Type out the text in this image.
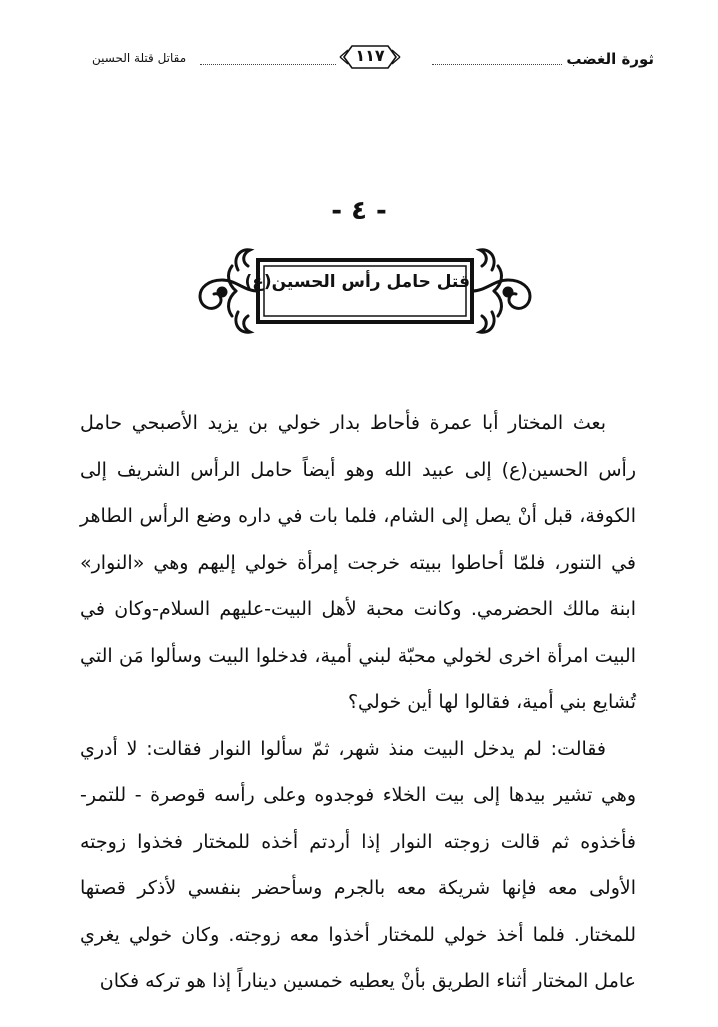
ثورة الغضب
١١٧
مقاتل قتلة الحسين
- ٤ -
قتل حامل رأس الحسين(ع)

بعث المختار أبا عمرة فأحاط بدار خولي بن يزيد الأصبحي حامل رأس الحسين(ع) إلى عبيد الله وهو أيضاً حامل الرأس الشريف إلى الكوفة، قبل أنْ يصل إلى الشام، فلما بات في داره وضع الرأس الطاهر في التنور، فلمّا أحاطوا ببيته خرجت إمرأة خولي إليهم وهي «النوار» ابنة مالك الحضرمي. وكانت محبة لأهل البيت-عليهم السلام-وكان في البيت امرأة اخرى لخولي محبّة لبني أمية، فدخلوا البيت وسألوا مَن التي تُشايع بني أمية، فقالوا لها أين خولي؟

فقالت: لم يدخل البيت منذ شهر، ثمّ سألوا النوار فقالت: لا أدري وهي تشير بيدها إلى بيت الخلاء فوجدوه وعلى رأسه قوصرة - للتمر- فأخذوه ثم قالت زوجته النوار إذا أردتم أخذه للمختار فخذوا زوجته الأولى معه فإنها شريكة معه بالجرم وسأحضر بنفسي لأذكر قصتها للمختار. فلما أخذ خولي للمختار أخذوا معه زوجته. وكان خولي يغري عامل المختار أثناء الطريق بأنْ يعطيه خمسين ديناراً إذا هو تركه فكان
